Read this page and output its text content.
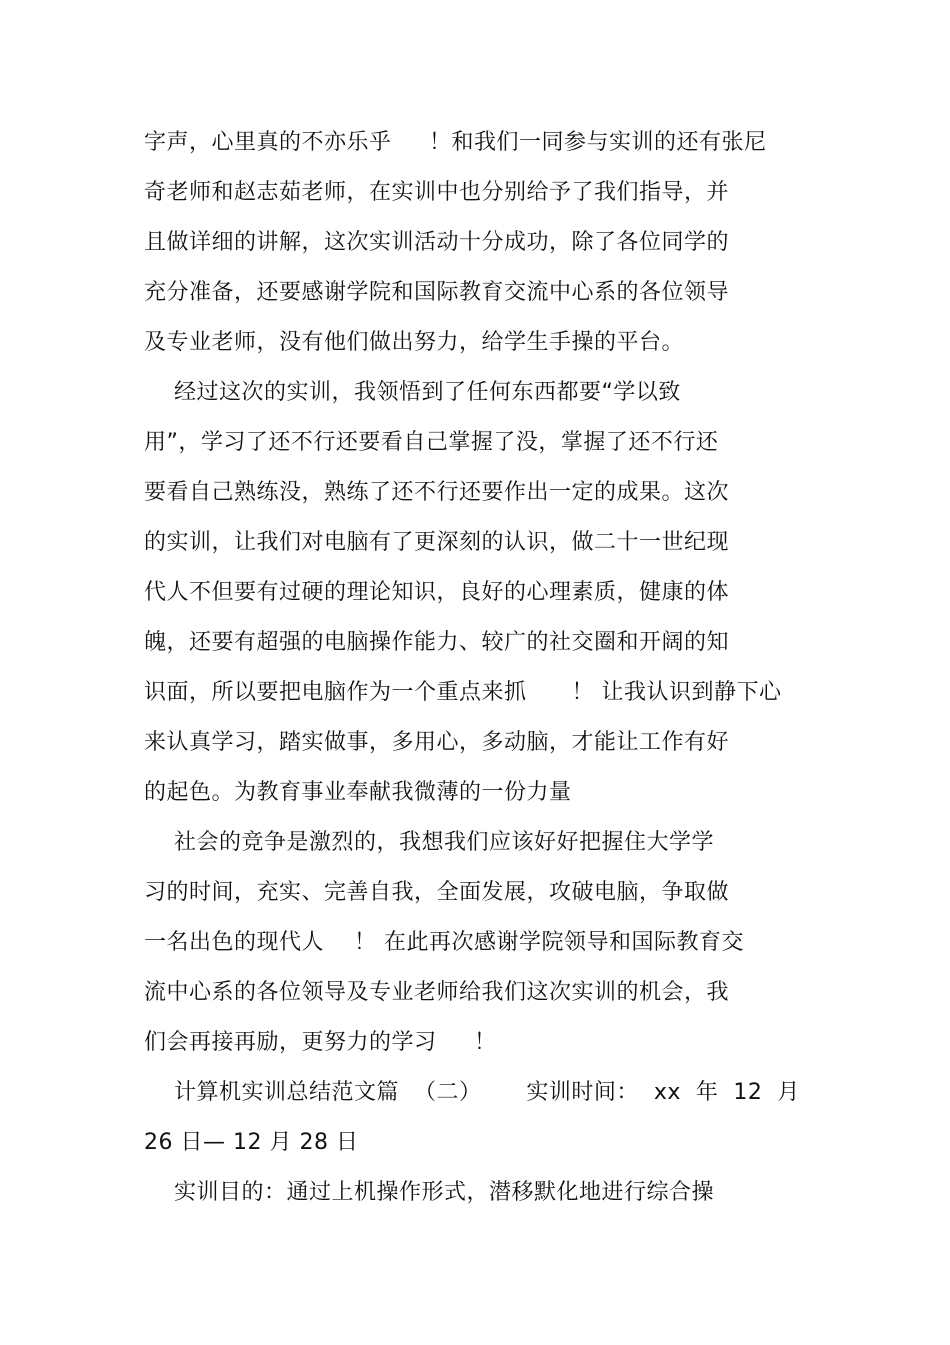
字声，心里真的不亦乐乎     ！和我们一同参与实训的还有张尼
奇老师和赵志茹老师，在实训中也分别给予了我们指导，并
且做详细的讲解，这次实训活动十分成功，除了各位同学的
充分准备，还要感谢学院和国际教育交流中心系的各位领导
及专业老师，没有他们做出努力，给学生手操的平台。
经过这次的实训，我领悟到了任何东西都要“学以致
用”，学习了还不行还要看自己掌握了没，掌握了还不行还
要看自己熟练没，熟练了还不行还要作出一定的成果。这次
的实训，让我们对电脑有了更深刻的认识，做二十一世纪现
代人不但要有过硬的理论知识，良好的心理素质，健康的体
魄，还要有超强的电脑操作能力、较广的社交圈和开阔的知
识面，所以要把电脑作为一个重点来抓      ！ 让我认识到静下心
来认真学习，踏实做事，多用心，多动脑，才能让工作有好
的起色。为教育事业奉献我微薄的一份力量
社会的竞争是激烈的，我想我们应该好好把握住大学学
习的时间，充实、完善自我，全面发展，攻破电脑，争取做
一名出色的现代人    ！ 在此再次感谢学院领导和国际教育交
流中心系的各位领导及专业老师给我们这次实训的机会，我
们会再接再励，更努力的学习     ！
计算机实训总结范文篇  （二）      实训时间：  xx  年  12  月
26 日— 12 月 28 日
实训目的：通过上机操作形式，潜移默化地进行综合操
